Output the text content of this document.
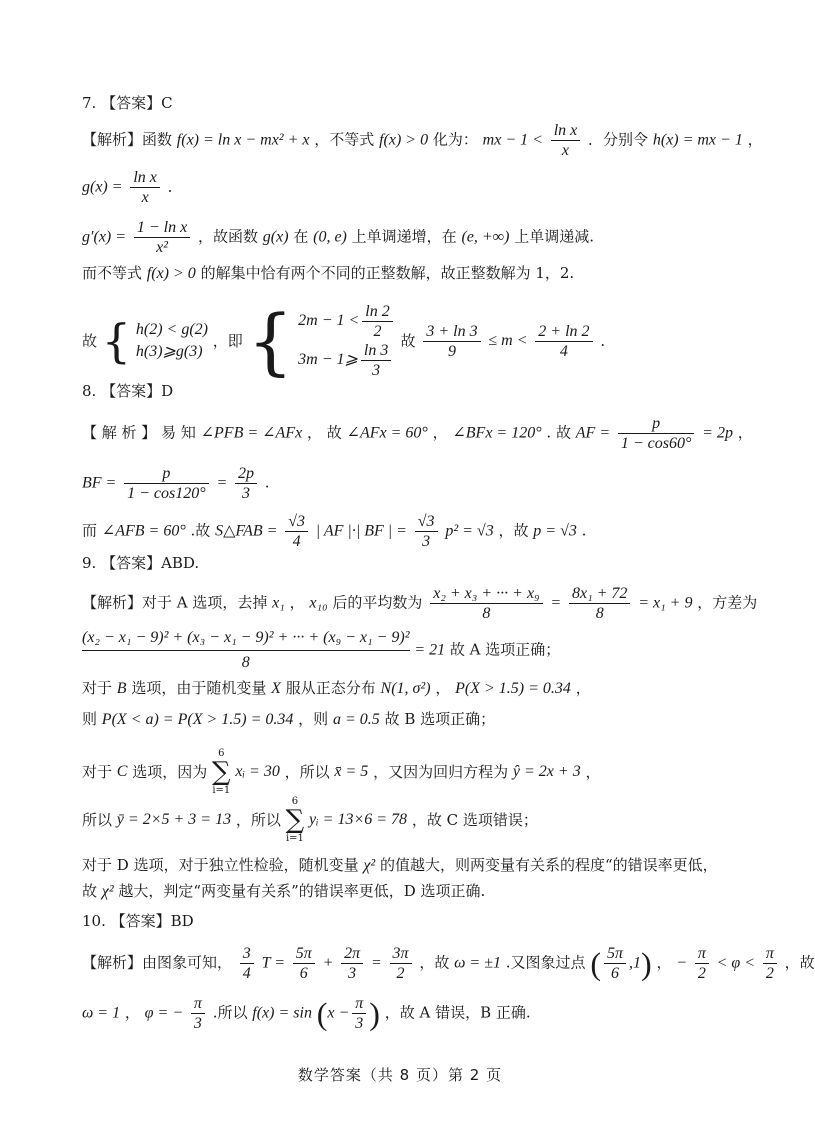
7. 【答案】C
【解析】函数 f(x) = ln x − mx² + x ，不等式 f(x) > 0 化为： mx − $1 < \frac{\text{ln x}}{x}$ ．分别令 h(x) = mx − 1 ，
$g(x) = \frac{\text{ln x}}{x}$ ．
$g'(x) = \frac{\text{1 − ln x}}{\text{x²}}$ ，故函数 g(x) 在 (0, e) 上单调递增，在 (e, +∞) 上单调递减.
而不等式 f(x) > 0 的解集中恰有两个不同的正整数解，故正整数解为 1，2.
故 { h(2) < g(2)
h(3)⩾g(3)
，即 { $2m - 1 < \frac{\ln 2}{2}$
3m − 1⩾ $\frac{\ln 3}{3}$ 故 $\frac{3 + \ln 3}{9} \le m < \frac{2 + \ln 2}{4}$ .
8. 【答案】D
【 解 析 】 易 知 ∠PFB = ∠AFx ， 故 ∠AFx = 60° ， ∠BFx = 120° . 故 AF = $\frac{p}{1 - \cos 60^\circ} = 2p$ ，
BF = $\frac{p}{1 - \cos 120^\circ} = \frac{2p}{3}$ .
而 ∠AFB = 60° .故 S△FAB = $\frac{√3}{4}$ | AF |·| BF | = $\frac{√3}{3} p^2 = √3$ ，故 p = √3 .
9. 【答案】ABD.
【解析】对于 A 选项，去掉 x₁ ， x₁₀ 后的平均数为 $\frac{\text{x₂ + x₃ + ··· + x₉}}{8} = \frac{\text{8x₁ + 72}}{8} = x_1 + 9$ ，方差为
$\frac{\text{(x₂ − x₁ − 9)² + (x₃ − x₁ − 9)² + ··· + (x₉ − x₁ − 9)²}}{8} = 21$ 故 A 选项正确；
对于 B 选项，由于随机变量 X 服从正态分布 N(1, σ²) ， P(X > 1.5) = 0.34 ，
则 P(X < a) = P(X > 1.5) = 0.34 ，则 a = 0.5 故 B 选项正确；
对于 C 选项，因为
6
∑
i=1
xᵢ = 30 ，所以 x̄ = 5 ，又因为回归方程为 ŷ = 2x + 3 ，
所以 ȳ = 2×5 + 3 = 13 ，所以
6
∑
i=1
yᵢ = 13×6 = 78 ，故 C 选项错误；
对于 D 选项，对于独立性检验，随机变量 χ² 的值越大，则两变量有关系的程度“的错误率更低，
故 χ² 越大，判定“两变量有关系”的错误率更低，D 选项正确.
10. 【答案】BD
【解析】由图象可知， $\frac{3}{4}$ $T = \frac{5\pi}{6} + \frac{2\pi}{3} = \frac{3\pi}{2}$ ，故 ω = ±1 .又图象过点 ( $\frac{5\pi}{6} ,1$) ， − $\frac{\pi}{2} < \varphi < \frac{\pi}{2}$ ，故
ω = 1 ， φ = − $\frac{\pi}{3}$ .所以 $f(x) = \sin (x - \frac{\pi}{3}$ ) ，故 A 错误，B 正确.
数学答案（共 8 页）第 2 页
